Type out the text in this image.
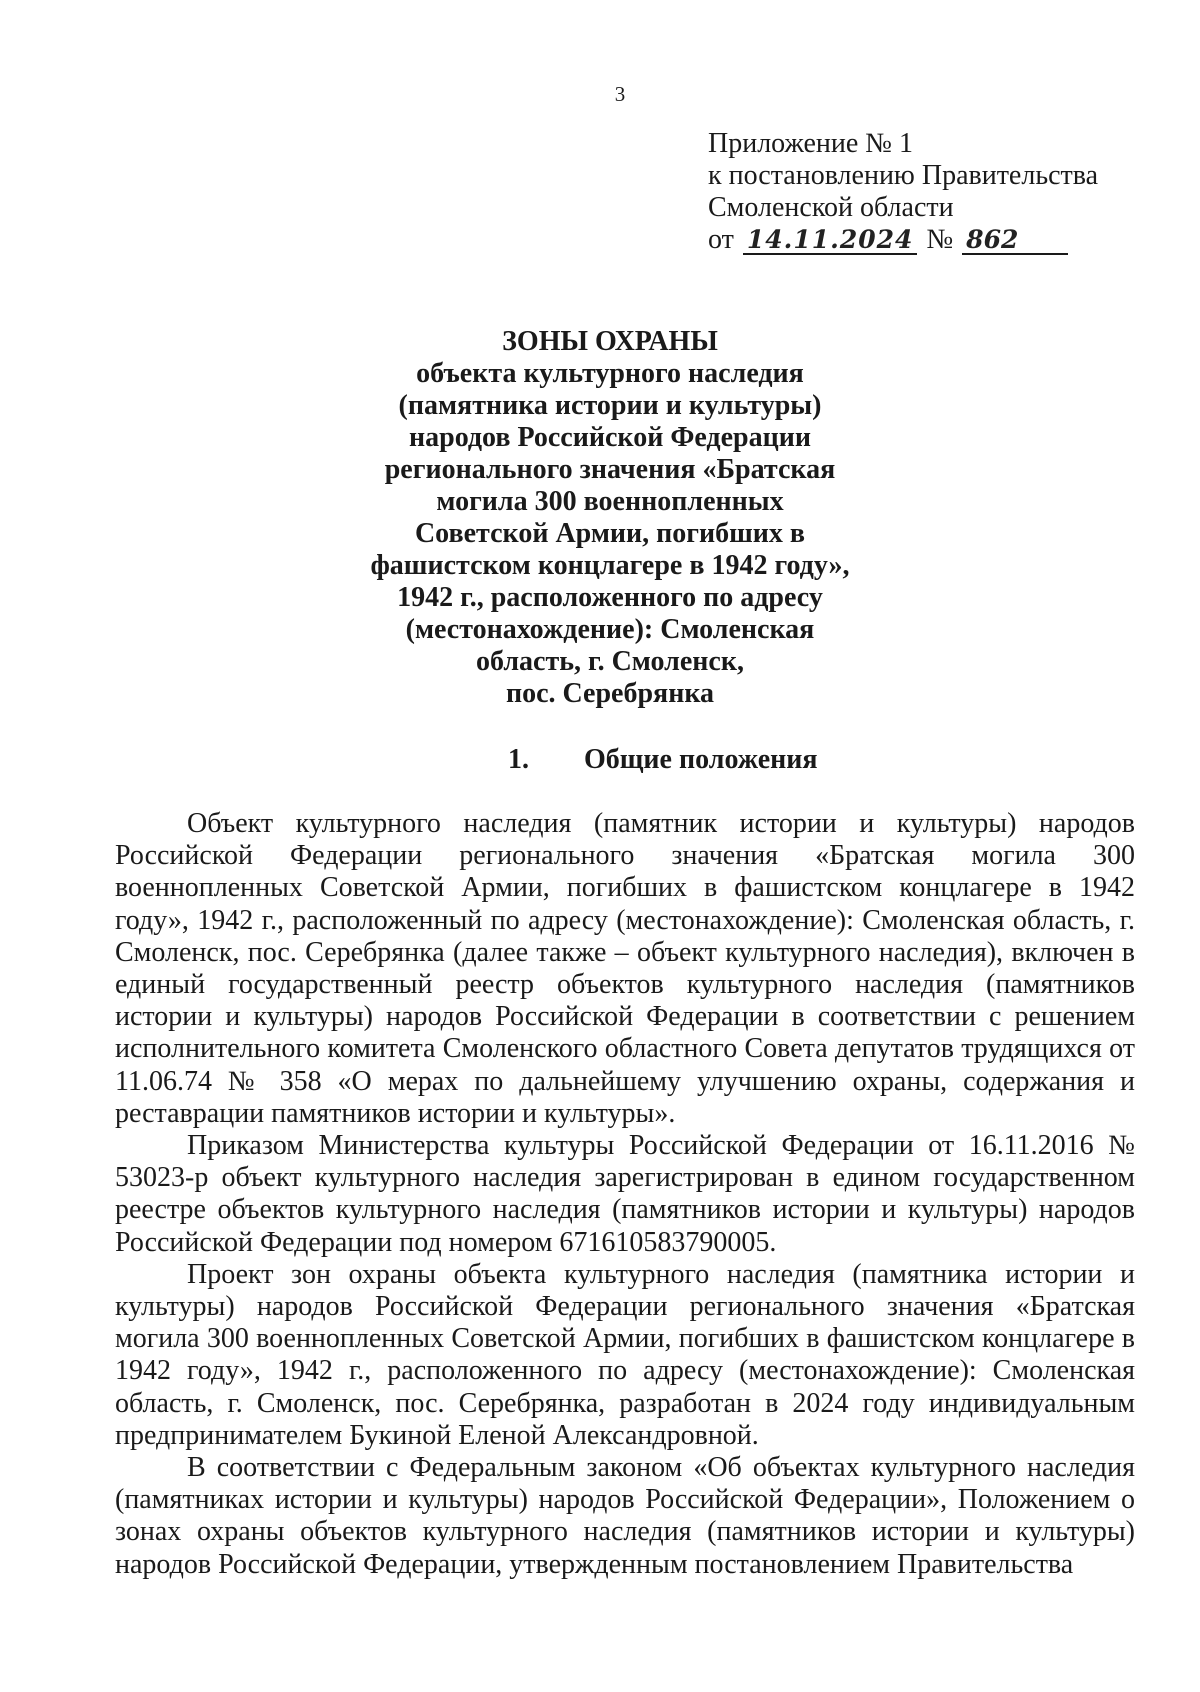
3
Приложение № 1
к постановлению Правительства
Смоленской области
от 14.11.2024 № 862
ЗОНЫ ОХРАНЫ
объекта культурного наследия
(памятника истории и культуры)
народов Российской Федерации
регионального значения «Братская
могила 300 военнопленных
Советской Армии, погибших в
фашистском концлагере в 1942 году»,
1942 г., расположенного по адресу
(местонахождение): Смоленская
область, г. Смоленск,
пос. Серебрянка
1. Общие положения

Объект культурного наследия (памятник истории и культуры) народов Российской Федерации регионального значения «Братская могила 300 военнопленных Советской Армии, погибших в фашистском концлагере в 1942 году», 1942 г., расположенный по адресу (местонахождение): Смоленская область, г. Смоленск, пос. Серебрянка (далее также – объект культурного наследия), включен в единый государственный реестр объектов культурного наследия (памятников истории и культуры) народов Российской Федерации в соответствии с решением исполнительного комитета Смоленского областного Совета депутатов трудящихся от 11.06.74 № 358 «О мерах по дальнейшему улучшению охраны, содержания и реставрации памятников истории и культуры».

Приказом Министерства культуры Российской Федерации от 16.11.2016 № 53023-р объект культурного наследия зарегистрирован в едином государственном реестре объектов культурного наследия (памятников истории и культуры) народов Российской Федерации под номером 671610583790005.

Проект зон охраны объекта культурного наследия (памятника истории и культуры) народов Российской Федерации регионального значения «Братская могила 300 военнопленных Советской Армии, погибших в фашистском концлагере в 1942 году», 1942 г., расположенного по адресу (местонахождение): Смоленская область, г. Смоленск, пос. Серебрянка, разработан в 2024 году индивидуальным предпринимателем Букиной Еленой Александровной.

В соответствии с Федеральным законом «Об объектах культурного наследия (памятниках истории и культуры) народов Российской Федерации», Положением о зонах охраны объектов культурного наследия (памятников истории и культуры) народов Российской Федерации, утвержденным постановлением Правительства
